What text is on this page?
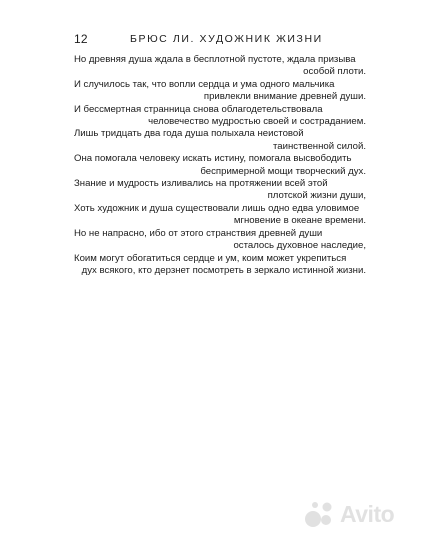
12	БРЮС ЛИ. ХУДОЖНИК ЖИЗНИ
Но древняя душа ждала в бесплотной пустоте, ждала призыва
особой плоти.
И случилось так, что вопли сердца и ума одного мальчика
привлекли внимание древней души.
И бессмертная странница снова облагодетельствовала
человечество мудростью своей и состраданием.
Лишь тридцать два года душа полыхала неистовой
таинственной силой.
Она помогала человеку искать истину, помогала высвободить
беспримерной мощи творческий дух.
Знание и мудрость изливались на протяжении всей этой
плотской жизни души,
Хоть художник и душа существовали лишь одно едва уловимое
мгновение в океане времени.
Но не напрасно, ибо от этого странствия древней души
осталось духовное наследие,
Коим могут обогатиться сердце и ум, коим может укрепиться
дух всякого, кто дерзнет посмотреть в зеркало истинной жизни.
Avito
